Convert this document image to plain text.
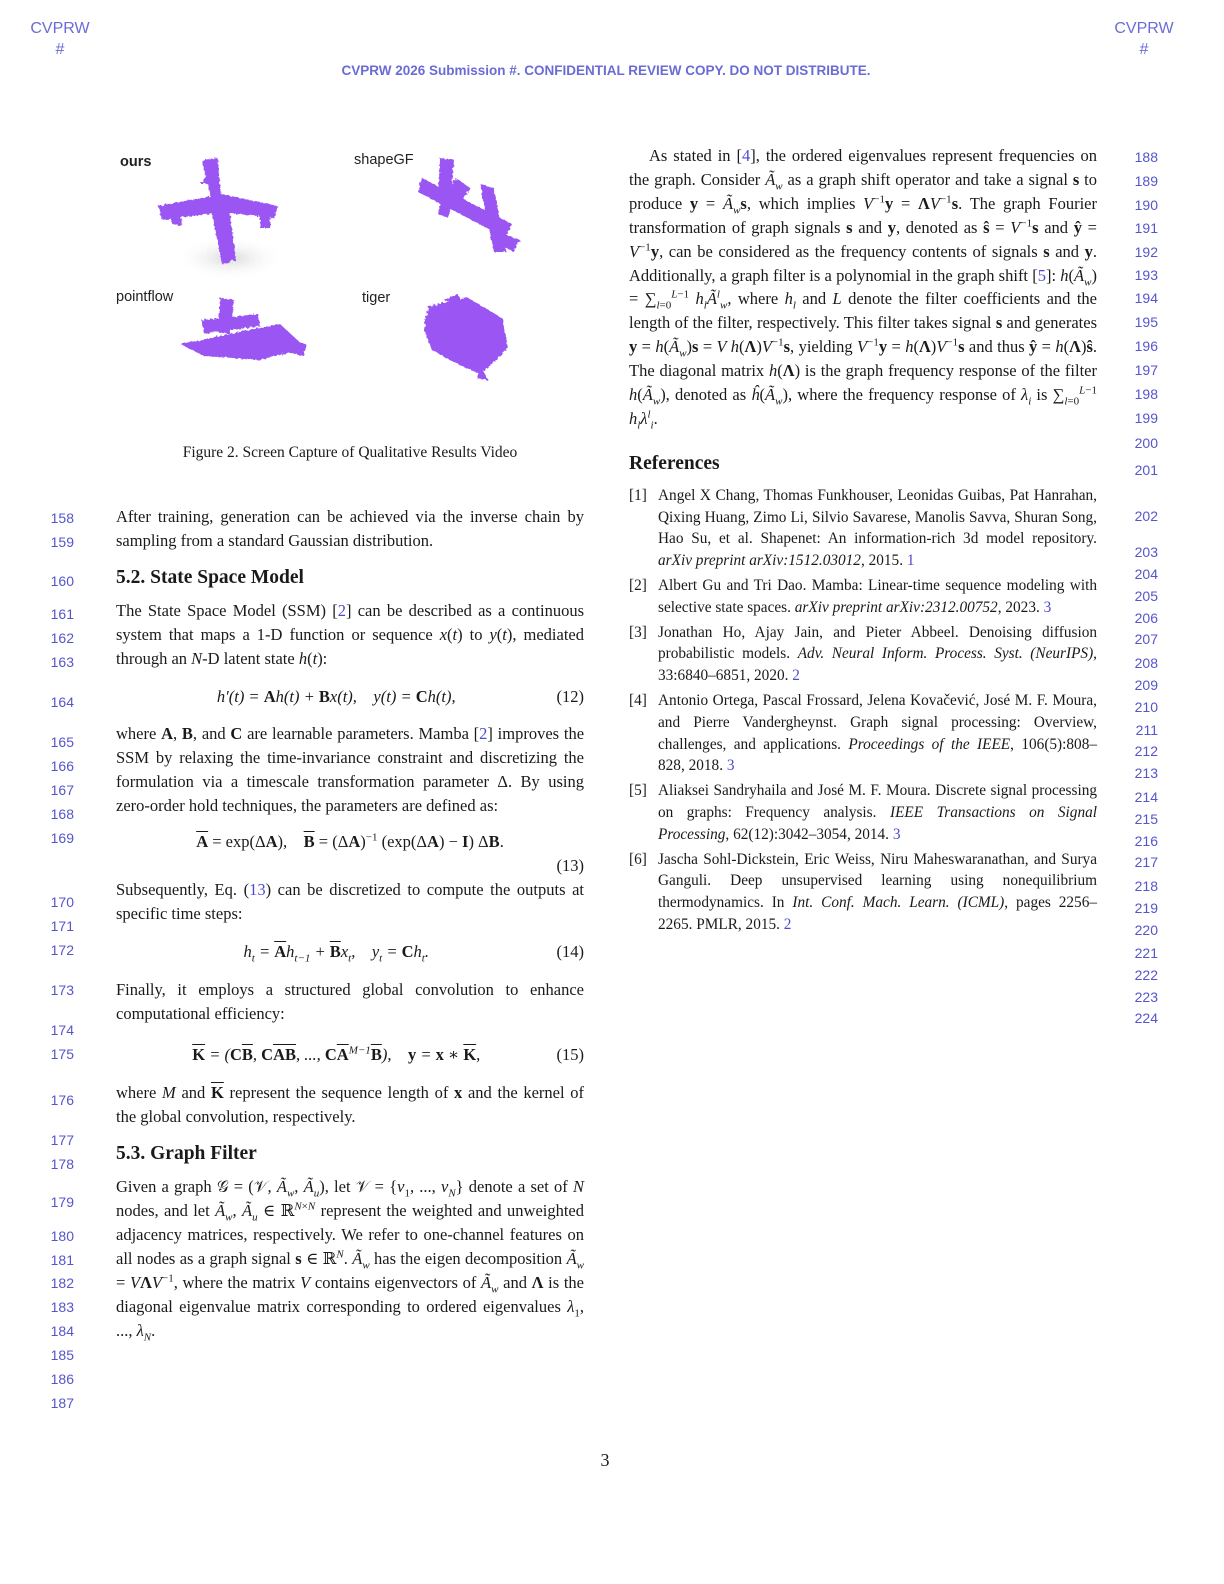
CVPRW
#
CVPRW
#
CVPRW 2026 Submission #. CONFIDENTIAL REVIEW COPY. DO NOT DISTRIBUTE.
ours	shapeGF
pointflow	tiger
Figure 2. Screen Capture of Qualitative Results Video
158
159
160
161
162
163
164
165
166
167
168
169
170
171
172
173
174
175
176
177
178
179
180
181
182
183
184
185
186
187
188
189
190
191
192
193
194
195
196
197
198
199
200
201
202
203
204
205
206
207
208
209
210
211
212
213
214
215
216
217
218
219
220
221
222
223
224

After training, generation can be achieved via the inverse chain by sampling from a standard Gaussian distribution.

5.2. State Space Model

The State Space Model (SSM) [2] can be described as a continuous system that maps a 1-D function or sequence x(t) to y(t), mediated through an N-D latent state h(t):

h′(t) = Ah(t) + Bx(t),    y(t) = Ch(t),	(12)

where A, B, and C are learnable parameters. Mamba [2] improves the SSM by relaxing the time-invariance constraint and discretizing the formulation via a timescale transformation parameter Δ. By using zero-order hold techniques, the parameters are defined as:

$\overline{A} = \exp(\Delta A)$,    $\overline{B} = (\Delta A)^{-1}$ (exp(ΔA) − I) ΔB.
(13)

Subsequently, Eq. (13) can be discretized to compute the outputs at specific time steps:

$h_t = \overline{A}h_{t-1} + \overline{B}x_t$,    $y_t = Ch_t$.	(14)

Finally, it employs a structured global convolution to enhance computational efficiency:

$\overline{K} = (C\overline{B}$, $C\overline{AB}$, ..., $C\overline{A}^{M-1}\overline{B}$),    y = x ∗ $\overline{K}$,	(15)

where M and $\overline{K}$ represent the sequence length of x and the kernel of the global convolution, respectively.

5.3. Graph Filter

Given a graph 𝒢 = (𝒱, $Ã_w$, $Ã_u$), let 𝒱 = {$v_1$, ..., $v_N$} denote a set of N nodes, and let $Ã_w$, $Ã_u$ ∈ ℝ$^{N\times N}$ represent the weighted and unweighted adjacency matrices, respectively. We refer to one-channel features on all nodes as a graph signal s ∈ ℝ$^N$. $Ã_w$ has the eigen decomposition $Ã_w = V\Lambda V^{-1}$, where the matrix V contains eigenvectors of $Ã_w$ and Λ is the diagonal eigenvalue matrix corresponding to ordered eigenvalues $\lambda_1$, ..., $\lambda_N$.

As stated in [4], the ordered eigenvalues represent frequencies on the graph. Consider $Ã_w$ as a graph shift operator and take a signal s to produce $y = Ã_ws$, which implies $V^{-1}y = \Lambda V^{-1}s$. The graph Fourier transformation of graph signals s and y, denoted as ŝ = $V^{-1}s$ and ŷ = $V^{-1}y$, can be considered as the frequency contents of signals s and y. Additionally, a graph filter is a polynomial in the graph shift [5]: $h(Ã_w) = \sum_{l=0}^{L-1}$ $h_lÃ^l_w$, where $h_l$ and L denote the filter coefficients and the length of the filter, respectively. This filter takes signal s and generates $y = h(Ã_w)s = V$ $h(\Lambda)V^{-1}s$, yielding $V^{-1}y = h(\Lambda)V^{-1}s$ and thus ŷ = h(Λ)ŝ. The diagonal matrix h(Λ) is the graph frequency response of the filter $h(Ã_w)$, denoted as $ĥ(Ã_w)$, where the frequency response of $\lambda_i$ is $\sum_{l=0}^{L-1}$ $h_l\lambda^l_i$.

References
[1] Angel X Chang, Thomas Funkhouser, Leonidas Guibas, Pat Hanrahan, Qixing Huang, Zimo Li, Silvio Savarese, Manolis Savva, Shuran Song, Hao Su, et al. Shapenet: An information-rich 3d model repository. arXiv preprint arXiv:1512.03012, 2015. 1
[2] Albert Gu and Tri Dao. Mamba: Linear-time sequence modeling with selective state spaces. arXiv preprint arXiv:2312.00752, 2023. 3
[3] Jonathan Ho, Ajay Jain, and Pieter Abbeel. Denoising diffusion probabilistic models. Adv. Neural Inform. Process. Syst. (NeurIPS), 33:6840–6851, 2020. 2
[4] Antonio Ortega, Pascal Frossard, Jelena Kovačević, José M. F. Moura, and Pierre Vandergheynst. Graph signal processing: Overview, challenges, and applications. Proceedings of the IEEE, 106(5):808–828, 2018. 3
[5] Aliaksei Sandryhaila and José M. F. Moura. Discrete signal processing on graphs: Frequency analysis. IEEE Transactions on Signal Processing, 62(12):3042–3054, 2014. 3
[6] Jascha Sohl-Dickstein, Eric Weiss, Niru Maheswaranathan, and Surya Ganguli. Deep unsupervised learning using nonequilibrium thermodynamics. In Int. Conf. Mach. Learn. (ICML), pages 2256–2265. PMLR, 2015. 2
3
